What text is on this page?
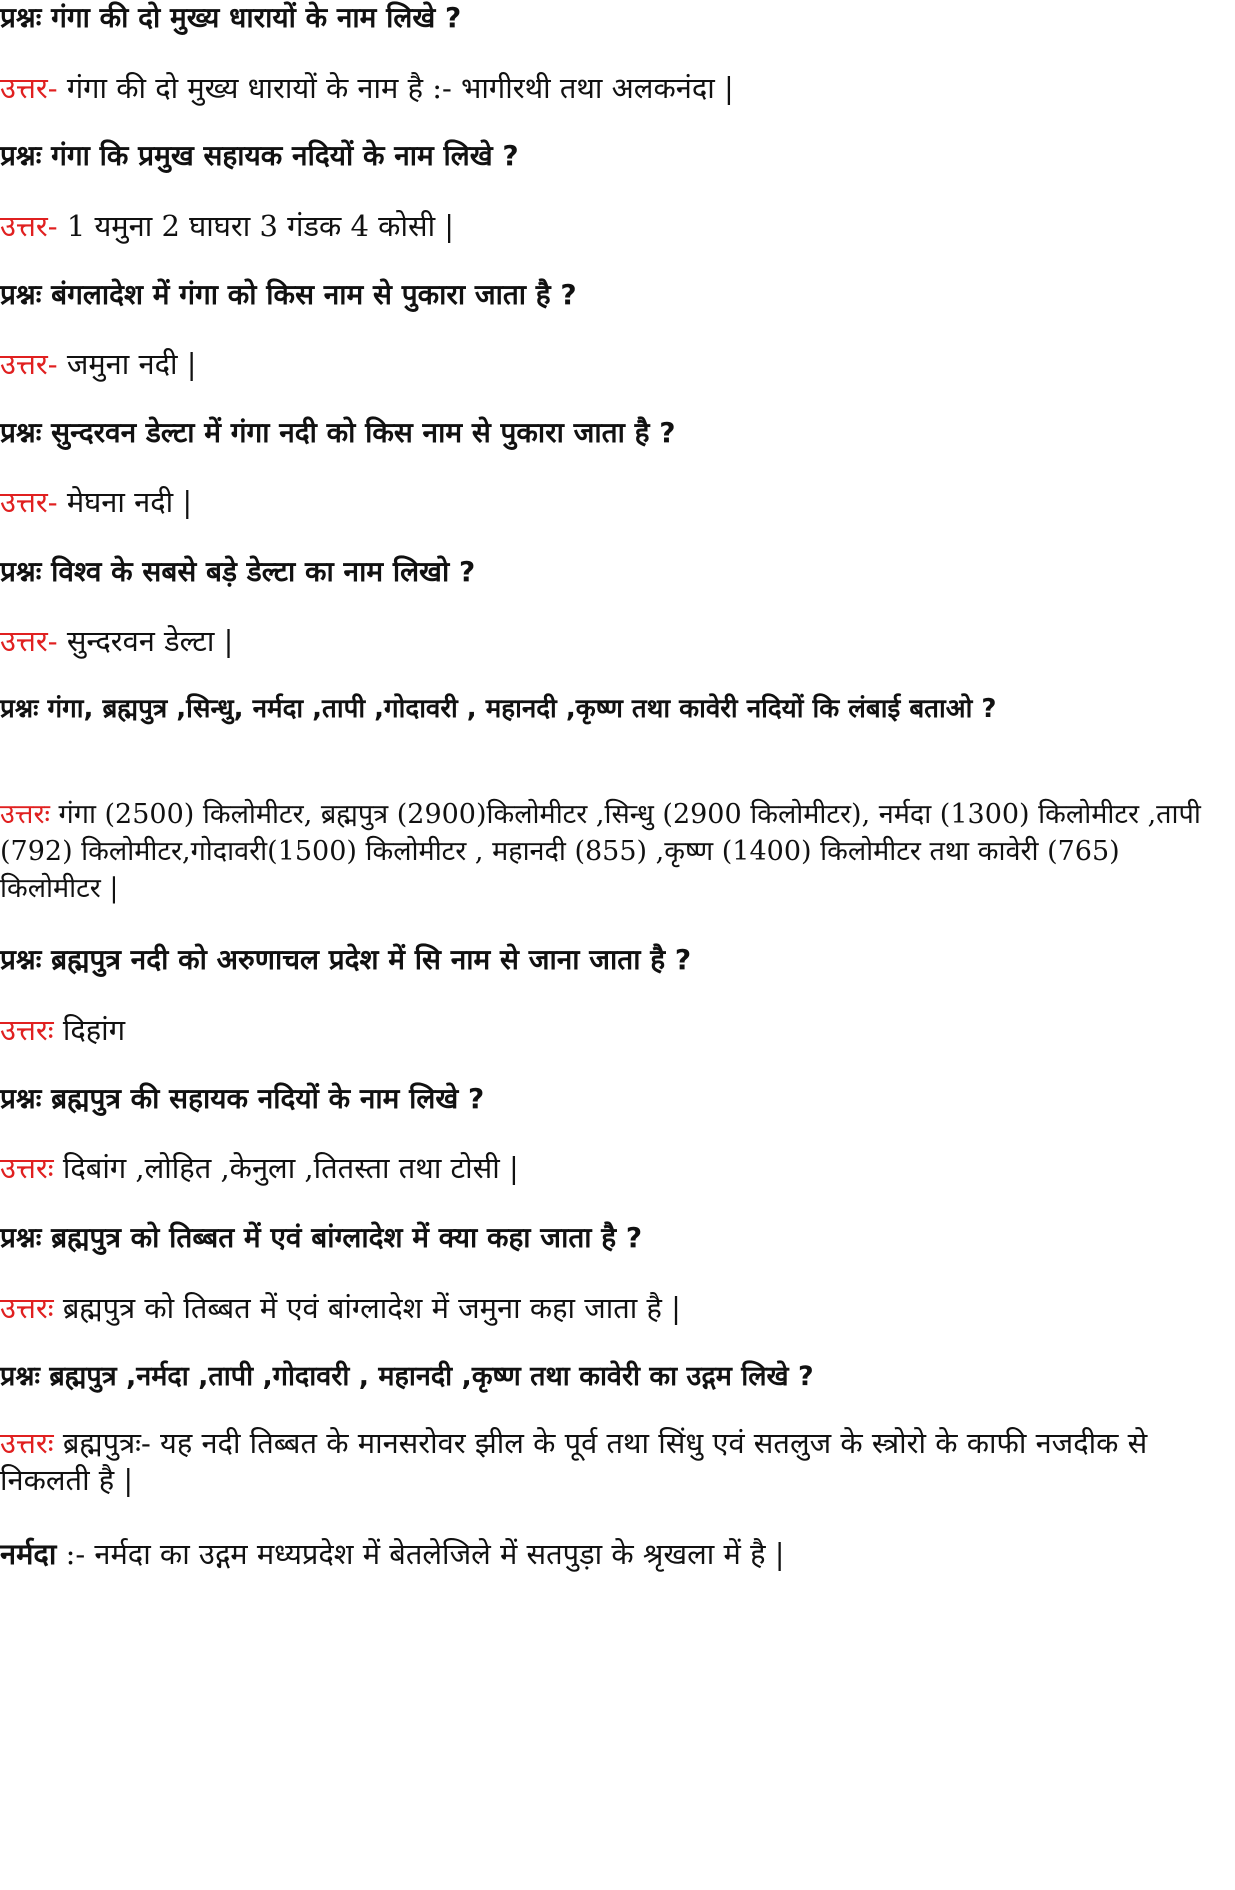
प्रश्नः गंगा की दो मुख्य धारायों के नाम लिखे ?
उत्तर- गंगा की दो मुख्य धारायों के नाम है :- भागीरथी तथा अलकनंदा |
प्रश्नः गंगा कि प्रमुख सहायक नदियों के नाम लिखे ?
उत्तर- 1 यमुना 2 घाघरा 3 गंडक 4 कोसी |
प्रश्नः बंगलादेश में गंगा को किस नाम से पुकारा जाता है ?
उत्तर- जमुना नदी |
प्रश्नः सुन्दरवन डेल्टा में गंगा नदी को किस नाम से पुकारा जाता है ?
उत्तर- मेघना नदी |
प्रश्नः विश्व के सबसे बड़े डेल्टा का नाम लिखो ?
उत्तर- सुन्दरवन डेल्टा |
प्रश्नः गंगा, ब्रह्मपुत्र ,सिन्धु, नर्मदा ,तापी ,गोदावरी , महानदी ,कृष्ण तथा कावेरी नदियों कि लंबाई बताओ ?
उत्तरः गंगा (2500) किलोमीटर, ब्रह्मपुत्र (2900)किलोमीटर ,सिन्धु (2900 किलोमीटर), नर्मदा (1300) किलोमीटर ,तापी (792) किलोमीटर,गोदावरी(1500) किलोमीटर , महानदी (855) ,कृष्ण (1400) किलोमीटर तथा कावेरी (765) किलोमीटर |
प्रश्नः ब्रह्मपुत्र नदी को अरुणाचल प्रदेश में सि नाम से जाना जाता है ?
उत्तरः दिहांग
प्रश्नः ब्रह्मपुत्र की सहायक नदियों के नाम लिखे ?
उत्तरः दिबांग ,लोहित ,केनुला ,तितस्ता तथा टोसी |
प्रश्नः ब्रह्मपुत्र को तिब्बत में एवं बांग्लादेश में क्या कहा जाता है ?
उत्तरः ब्रह्मपुत्र को तिब्बत में एवं बांग्लादेश में जमुना कहा जाता है |
प्रश्नः ब्रह्मपुत्र ,नर्मदा ,तापी ,गोदावरी , महानदी ,कृष्ण तथा कावेरी का उद्गम लिखे ?
उत्तरः ब्रह्मपुत्रः- यह नदी तिब्बत के मानसरोवर झील के पूर्व तथा सिंधु एवं सतलुज के स्त्रोरो के काफी नजदीक से निकलती है |
नर्मदा :- नर्मदा का उद्गम मध्यप्रदेश में बेतलेजिले में सतपुड़ा के श्रृखला में है |
